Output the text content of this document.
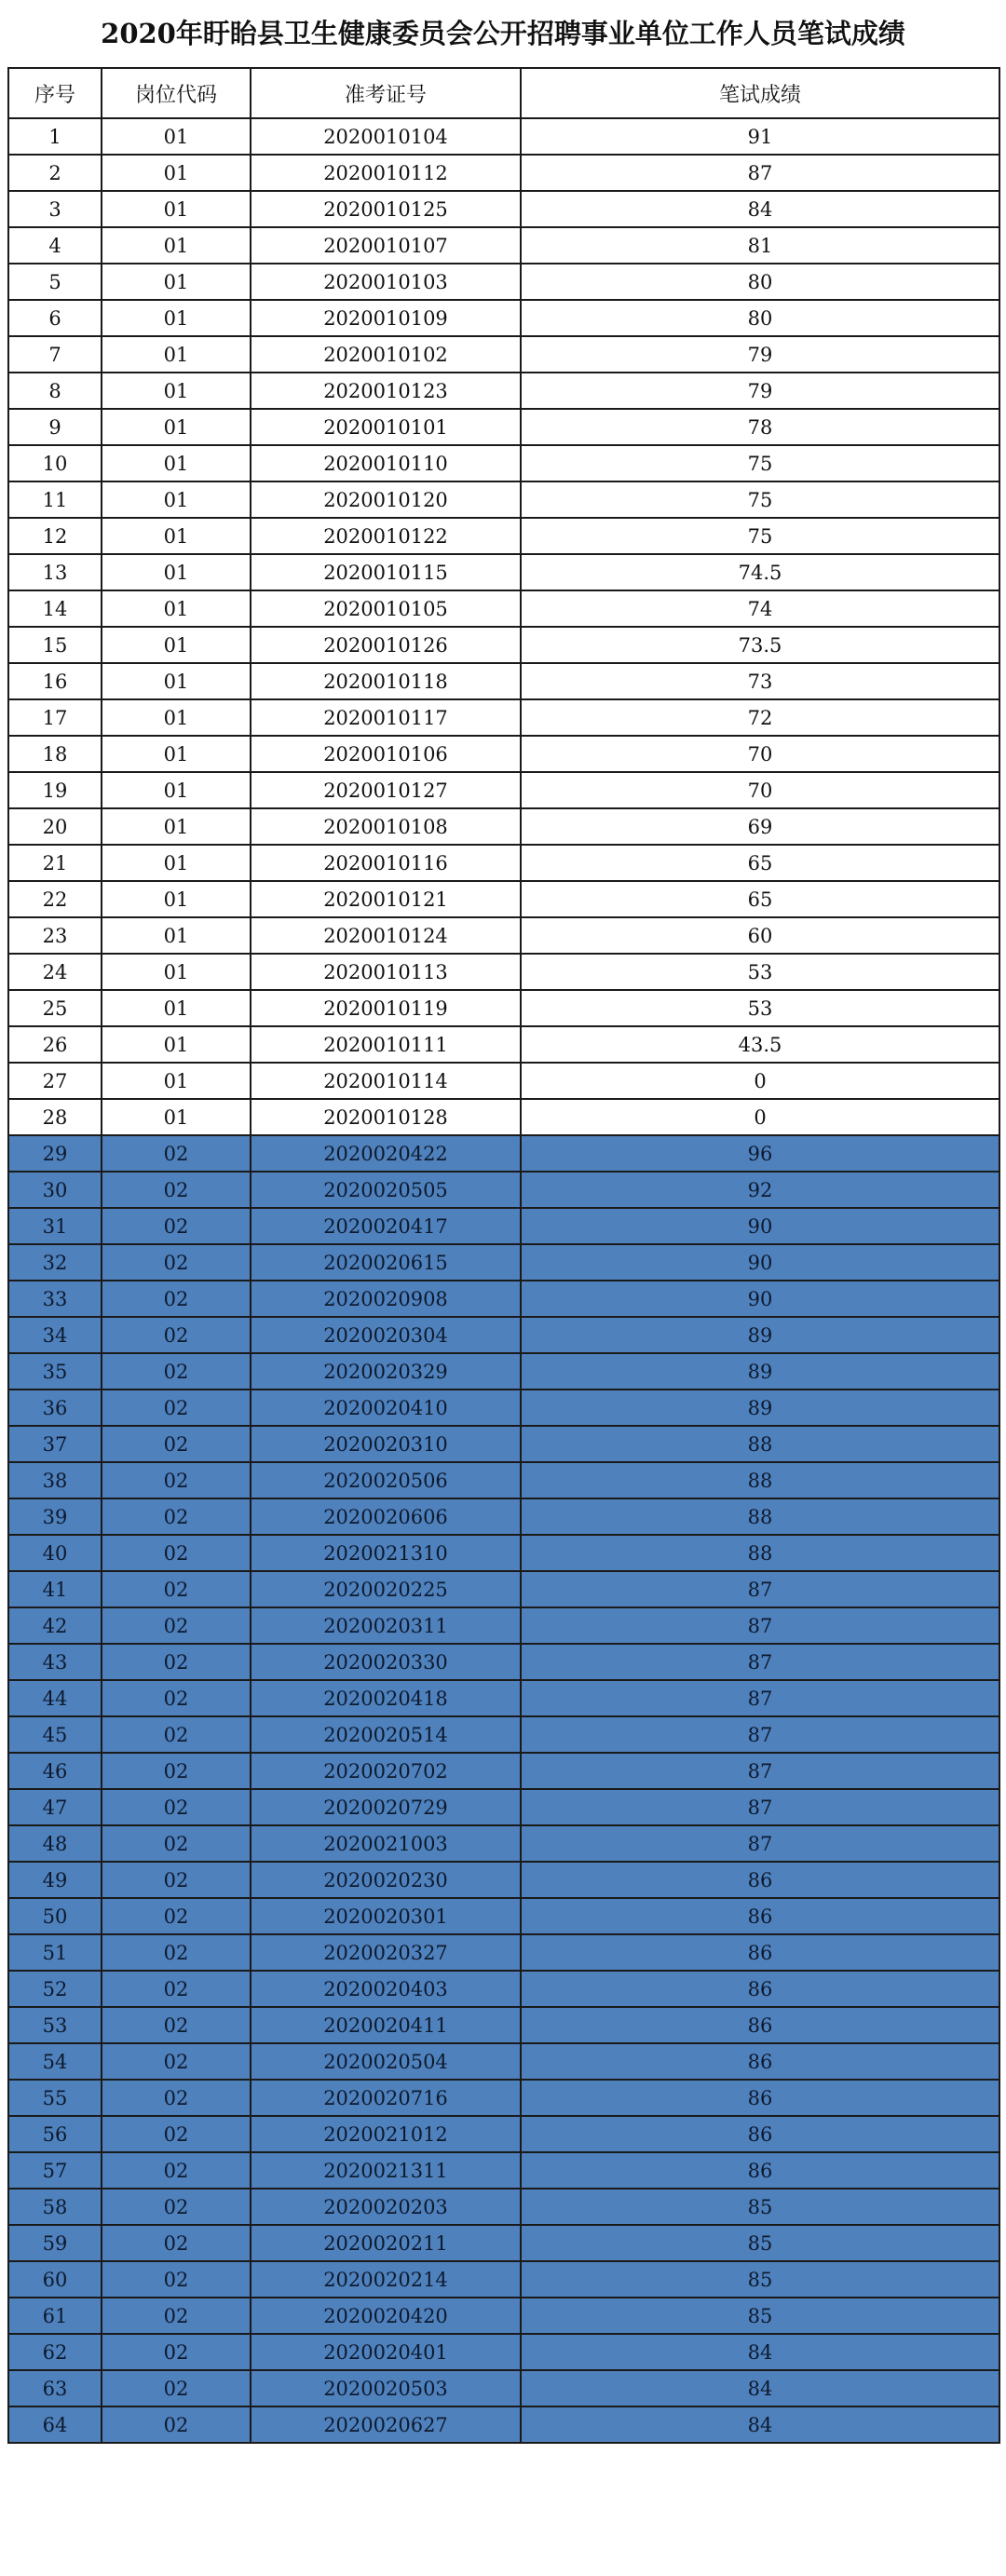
2020年盱眙县卫生健康委员会公开招聘事业单位工作人员笔试成绩
序号	岗位代码	准考证号	笔试成绩
1	01	2020010104	91
2	01	2020010112	87
3	01	2020010125	84
4	01	2020010107	81
5	01	2020010103	80
6	01	2020010109	80
7	01	2020010102	79
8	01	2020010123	79
9	01	2020010101	78
10	01	2020010110	75
11	01	2020010120	75
12	01	2020010122	75
13	01	2020010115	74.5
14	01	2020010105	74
15	01	2020010126	73.5
16	01	2020010118	73
17	01	2020010117	72
18	01	2020010106	70
19	01	2020010127	70
20	01	2020010108	69
21	01	2020010116	65
22	01	2020010121	65
23	01	2020010124	60
24	01	2020010113	53
25	01	2020010119	53
26	01	2020010111	43.5
27	01	2020010114	0
28	01	2020010128	0
29	02	2020020422	96
30	02	2020020505	92
31	02	2020020417	90
32	02	2020020615	90
33	02	2020020908	90
34	02	2020020304	89
35	02	2020020329	89
36	02	2020020410	89
37	02	2020020310	88
38	02	2020020506	88
39	02	2020020606	88
40	02	2020021310	88
41	02	2020020225	87
42	02	2020020311	87
43	02	2020020330	87
44	02	2020020418	87
45	02	2020020514	87
46	02	2020020702	87
47	02	2020020729	87
48	02	2020021003	87
49	02	2020020230	86
50	02	2020020301	86
51	02	2020020327	86
52	02	2020020403	86
53	02	2020020411	86
54	02	2020020504	86
55	02	2020020716	86
56	02	2020021012	86
57	02	2020021311	86
58	02	2020020203	85
59	02	2020020211	85
60	02	2020020214	85
61	02	2020020420	85
62	02	2020020401	84
63	02	2020020503	84
64	02	2020020627	84
